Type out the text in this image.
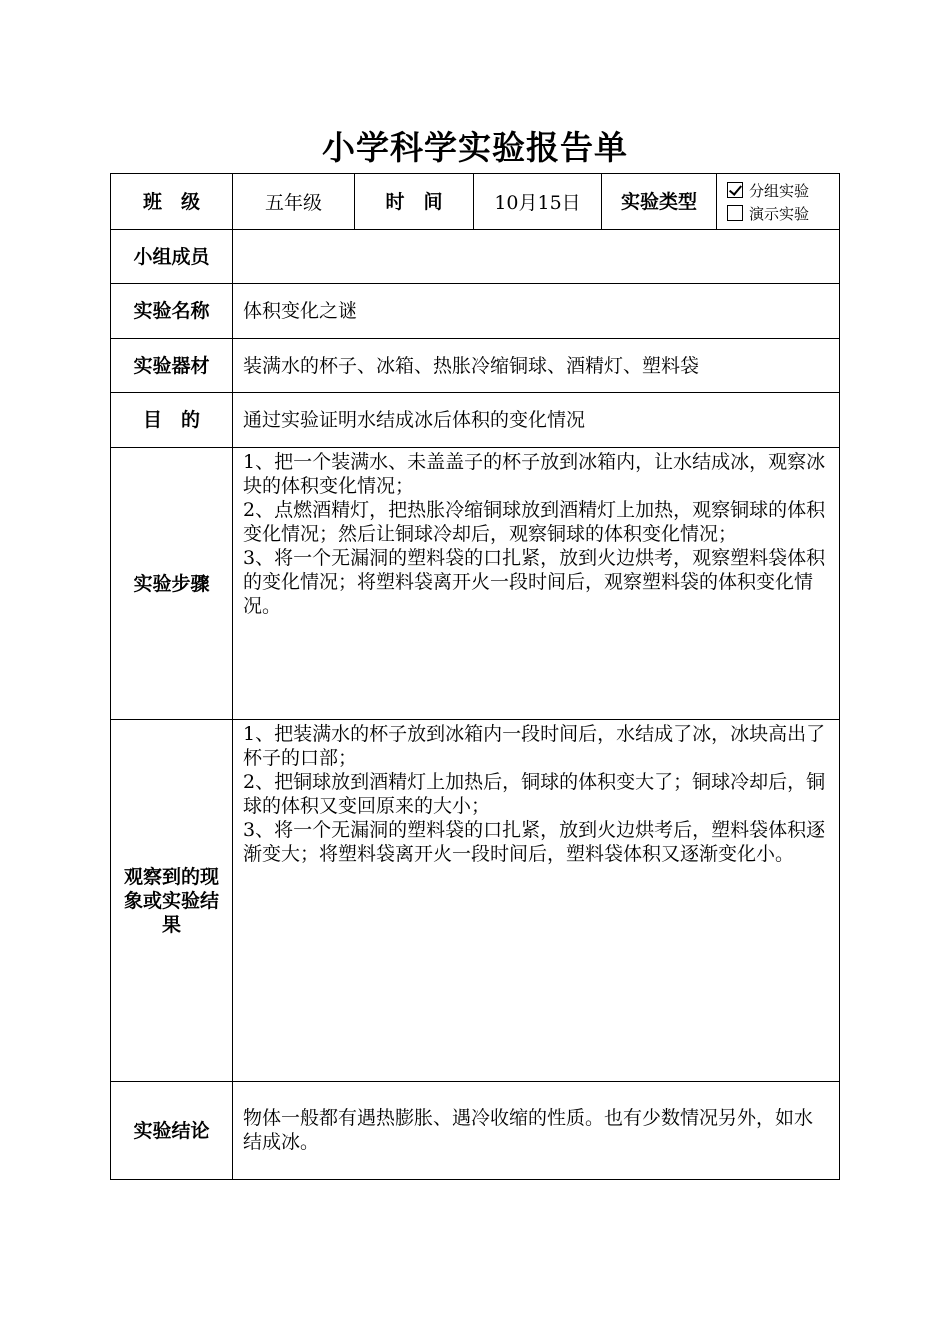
小学科学实验报告单
班　级	五年级	时　间	10月15日	实验类型	分组实验
演示实验

小组成员					
实验名称	体积变化之谜				
实验器材	装满水的杯子、冰箱、热胀冷缩铜球、酒精灯、塑料袋				
目　的	通过实验证明水结成冰后体积的变化情况				
实验步骤	1、把一个装满水、未盖盖子的杯子放到冰箱内，让水结成冰，观察冰块的体积变化情况；
2、点燃酒精灯，把热胀冷缩铜球放到酒精灯上加热，观察铜球的体积变化情况；然后让铜球冷却后，观察铜球的体积变化情况；
3、将一个无漏洞的塑料袋的口扎紧，放到火边烘考，观察塑料袋体积的变化情况；将塑料袋离开火一段时间后，观察塑料袋的体积变化情况。				

观察到的现象或实验结果	1、把装满水的杯子放到冰箱内一段时间后，水结成了冰，冰块高出了杯子的口部；
2、把铜球放到酒精灯上加热后，铜球的体积变大了；铜球冷却后，铜球的体积又变回原来的大小；
3、将一个无漏洞的塑料袋的口扎紧，放到火边烘考后，塑料袋体积逐渐变大；将塑料袋离开火一段时间后，塑料袋体积又逐渐变化小。				

实验结论	物体一般都有遇热膨胀、遇冷收缩的性质。也有少数情况另外，如水结成冰。				
